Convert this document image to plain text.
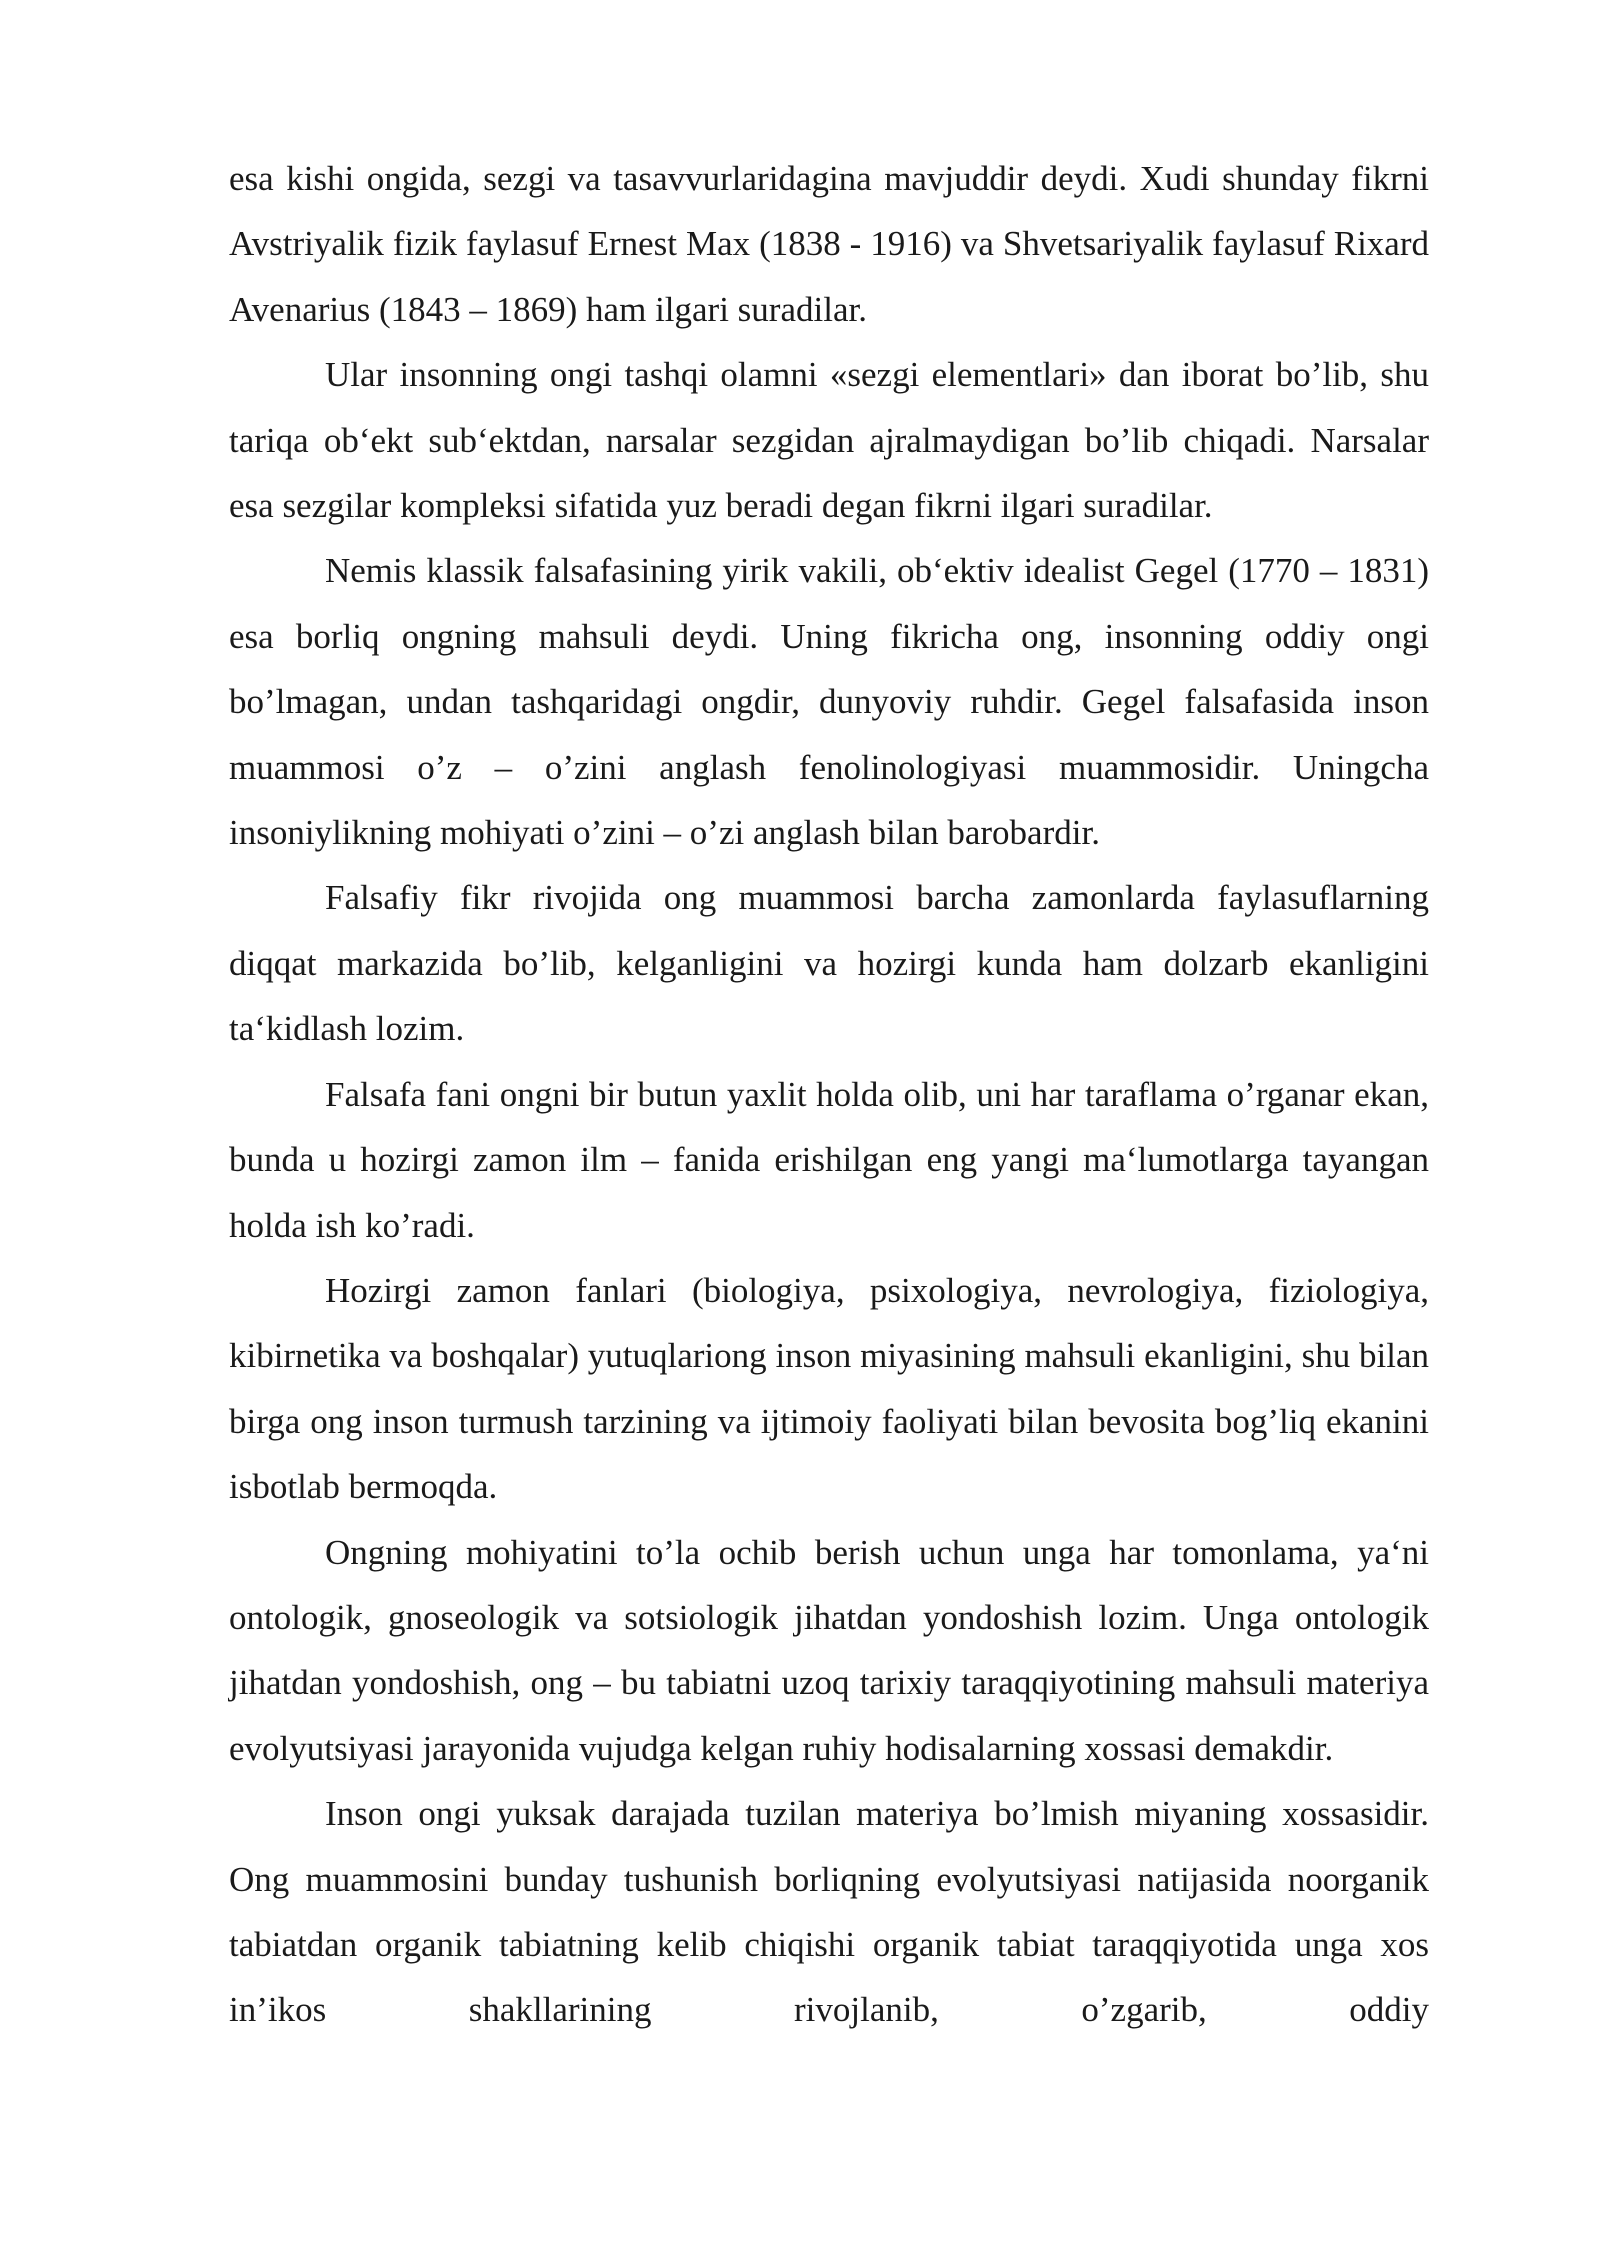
esa kishi ongida, sezgi va tasavvurlaridagina mavjuddir deydi. Xudi shunday fikrni Avstriyalik fizik faylasuf Ernest Max (1838 - 1916) va Shvetsariyalik faylasuf Rixard Avenarius (1843 – 1869) ham ilgari suradilar.

Ular insonning ongi tashqi olamni «sezgi elementlari» dan iborat bo’lib, shu tariqa ob‘ekt sub‘ektdan, narsalar sezgidan ajralmaydigan bo’lib chiqadi. Narsalar esa sezgilar kompleksi sifatida yuz beradi degan fikrni ilgari suradilar.

Nemis klassik falsafasining yirik vakili, ob‘ektiv idealist Gegel (1770 – 1831) esa borliq ongning mahsuli deydi. Uning fikricha ong, insonning oddiy ongi bo’lmagan, undan tashqaridagi ongdir, dunyoviy ruhdir. Gegel falsafasida inson muammosi o’z – o’zini anglash fenolinologiyasi muammosidir. Uningcha insoniylikning mohiyati o’zini – o’zi anglash bilan barobardir.

Falsafiy fikr rivojida ong muammosi barcha zamonlarda faylasuflarning diqqat markazida bo’lib, kelganligini va hozirgi kunda ham dolzarb ekanligini ta‘kidlash lozim.

Falsafa fani ongni bir butun yaxlit holda olib, uni har taraflama o’rganar ekan, bunda u hozirgi zamon ilm – fanida erishilgan eng yangi ma‘lumotlarga tayangan holda ish ko’radi.

Hozirgi zamon fanlari (biologiya, psixologiya, nevrologiya, fiziologiya, kibirnetika va boshqalar) yutuqlariong inson miyasining mahsuli ekanligini, shu bilan birga ong inson turmush tarzining va ijtimoiy faoliyati bilan bevosita bog’liq ekanini isbotlab bermoqda.

Ongning mohiyatini to’la ochib berish uchun unga har tomonlama, ya‘ni ontologik, gnoseologik va sotsiologik jihatdan yondoshish lozim. Unga ontologik jihatdan yondoshish, ong – bu tabiatni uzoq tarixiy taraqqiyotining mahsuli materiya evolyutsiyasi jarayonida vujudga kelgan ruhiy hodisalarning xossasi demakdir.

Inson ongi yuksak darajada tuzilan materiya bo’lmish miyaning xossasidir. Ong muammosini bunday tushunish borliqning evolyutsiyasi natijasida noorganik tabiatdan organik tabiatning kelib chiqishi organik tabiat taraqqiyotida unga xos in’ikos shakllarining rivojlanib, o’zgarib, oddiy
